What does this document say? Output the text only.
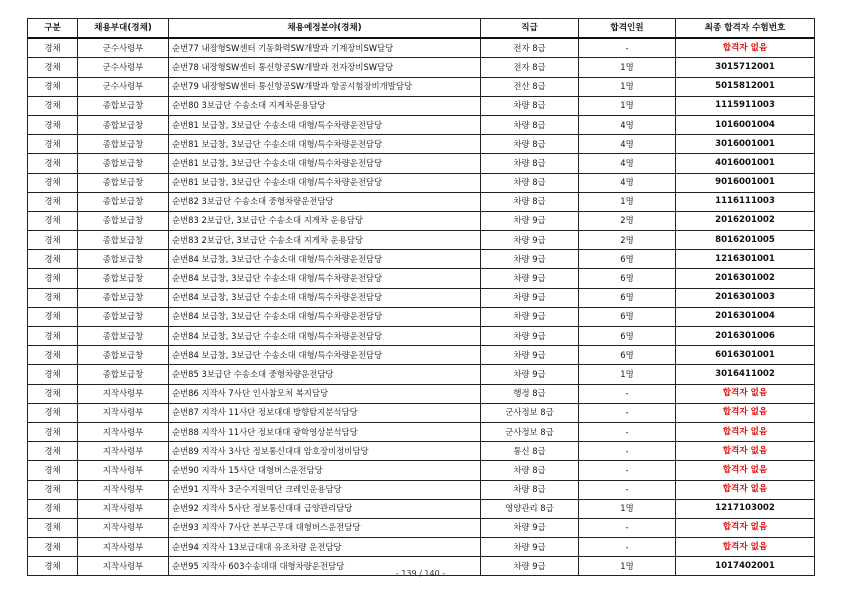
구분	채용부대(경채)	채용예정분야(경채)	직급	합격인원	최종 합격자 수험번호
경채	군수사령부	순번77 내장형SW센터 기동화력SW개발과 기계장비SW담당	전자 8급	-	합격자 없음
경채	군수사령부	순번78 내장형SW센터 통신항공SW개발과 전자장비SW담당	전자 8급	1명	3015712001
경채	군수사령부	순번79 내장형SW센터 통신항공SW개발과 항공시험장비개발담당	전산 8급	1명	5015812001
경채	종합보급창	순번80 3보급단 수송소대 지게차운용담당	차량 8급	1명	1115911003
경채	종합보급창	순번81 보급창, 3보급단 수송소대 대형/특수차량운전담당	차량 8급	4명	1016001004
경채	종합보급창	순번81 보급창, 3보급단 수송소대 대형/특수차량운전담당	차량 8급	4명	3016001001
경채	종합보급창	순번81 보급창, 3보급단 수송소대 대형/특수차량운전담당	차량 8급	4명	4016001001
경채	종합보급창	순번81 보급창, 3보급단 수송소대 대형/특수차량운전담당	차량 8급	4명	9016001001
경채	종합보급창	순번82 3보급단 수송소대 중형차량운전담당	차량 8급	1명	1116111003
경채	종합보급창	순번83 2보급단, 3보급단 수송소대 지게차 운용담당	차량 9급	2명	2016201002
경채	종합보급창	순번83 2보급단, 3보급단 수송소대 지게차 운용담당	차량 9급	2명	8016201005
경채	종합보급창	순번84 보급창, 3보급단 수송소대 대형/특수차량운전담당	차량 9급	6명	1216301001
경채	종합보급창	순번84 보급창, 3보급단 수송소대 대형/특수차량운전담당	차량 9급	6명	2016301002
경채	종합보급창	순번84 보급창, 3보급단 수송소대 대형/특수차량운전담당	차량 9급	6명	2016301003
경채	종합보급창	순번84 보급창, 3보급단 수송소대 대형/특수차량운전담당	차량 9급	6명	2016301004
경채	종합보급창	순번84 보급창, 3보급단 수송소대 대형/특수차량운전담당	차량 9급	6명	2016301006
경채	종합보급창	순번84 보급창, 3보급단 수송소대 대형/특수차량운전담당	차량 9급	6명	6016301001
경채	종합보급창	순번85 3보급단 수송소대 중형차량운전담당	차량 9급	1명	3016411002
경채	지작사령부	순번86 지작사 7사단 인사참모처 복지담당	행정 8급	-	합격자 없음
경채	지작사령부	순번87 지작사 11사단 정보대대 방향탐지분석담당	군사정보 8급	-	합격자 없음
경채	지작사령부	순번88 지작사 11사단 정보대대 광학영상분석담당	군사정보 8급	-	합격자 없음
경채	지작사령부	순번89 지작사 3사단 정보통신대대 암호장비정비담당	통신 8급	-	합격자 없음
경채	지작사령부	순번90 지작사 15사단 대형버스운전담당	차량 8급	-	합격자 없음
경채	지작사령부	순번91 지작사 3군수지원여단 크레인운용담당	차량 8급	-	합격자 없음
경채	지작사령부	순번92 지작사 5사단 정보통신대대 급양관리담당	영양관리 8급	1명	1217103002
경채	지작사령부	순번93 지작사 7사단 본부근무대 대형버스운전담당	차량 9급	-	합격자 없음
경채	지작사령부	순번94 지작사 13보급대대 유조차량 운전담당	차량 9급	-	합격자 없음
경채	지작사령부	순번95 지작사 603수송대대 대형차량운전담당	차량 9급	1명	1017402001
- 139 / 140 -
